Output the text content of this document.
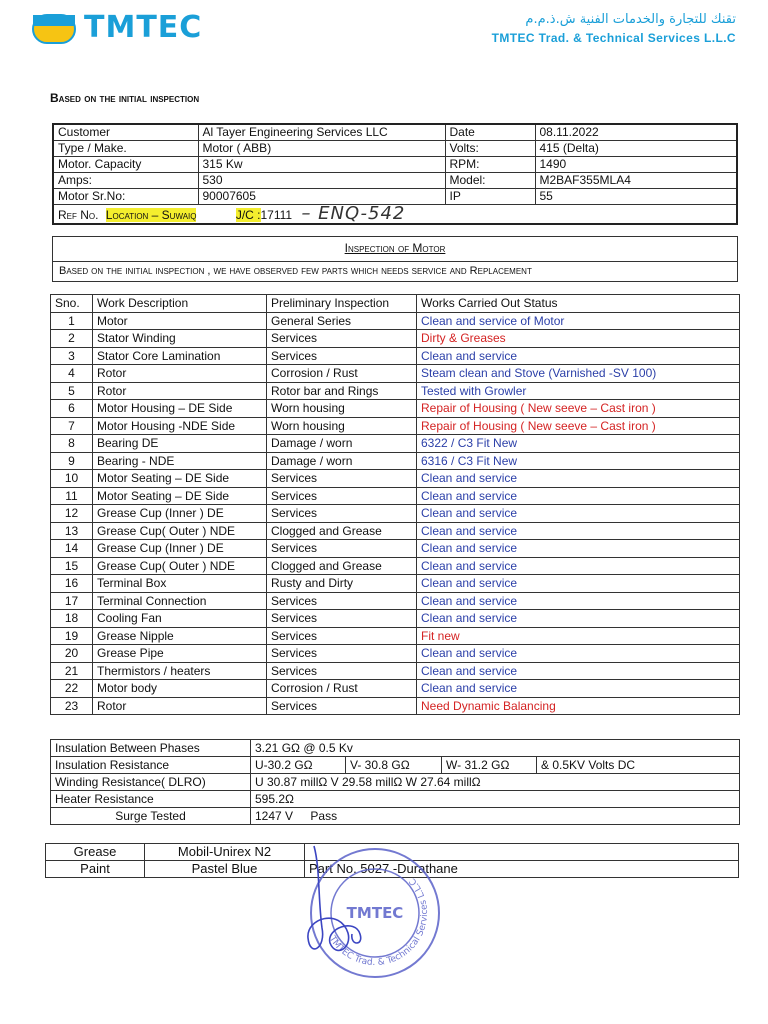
TMTEC	تقنك للتجارة والخدمات الفنية ش.ذ.م.م
TMTEC Trad. & Technical Services L.L.C
Based on the initial inspection
Customer	Al Tayer Engineering Services LLC	Date	08.11.2022
Type / Make.	Motor ( ABB)	Volts:	415 (Delta)
Motor. Capacity	315 Kw	RPM:	1490
Amps:	530	Model:	M2BAF355MLA4
Motor Sr.No:	90007605	IP	55
Ref No. Location – Suwaiq J/C :17111 – ENQ-542			
Inspection of Motor
Based on the initial inspection , we have observed few parts which needs service and Replacement
Sno.	Work Description	Preliminary Inspection	Works Carried Out Status
1	Motor	General Series	Clean and service of Motor
2	Stator Winding	Services	Dirty & Greases
3	Stator Core Lamination	Services	Clean and service
4	Rotor	Corrosion / Rust	Steam clean and Stove (Varnished -SV 100)
5	Rotor	Rotor bar and Rings	Tested with Growler
6	Motor Housing – DE Side	Worn housing	Repair of Housing ( New seeve – Cast iron )
7	Motor Housing -NDE Side	Worn housing	Repair of Housing ( New seeve – Cast iron )
8	Bearing DE	Damage / worn	6322 / C3 Fit New
9	Bearing - NDE	Damage / worn	6316 / C3 Fit New
10	Motor Seating – DE Side	Services	Clean and service
11	Motor Seating – DE Side	Services	Clean and service
12	Grease Cup (Inner ) DE	Services	Clean and service
13	Grease Cup( Outer ) NDE	Clogged and Grease	Clean and service
14	Grease Cup (Inner ) DE	Services	Clean and service
15	Grease Cup( Outer ) NDE	Clogged and Grease	Clean and service
16	Terminal Box	Rusty and Dirty	Clean and service
17	Terminal Connection	Services	Clean and service
18	Cooling Fan	Services	Clean and service
19	Grease Nipple	Services	Fit new
20	Grease Pipe	Services	Clean and service
21	Thermistors / heaters	Services	Clean and service
22	Motor body	Corrosion / Rust	Clean and service
23	Rotor	Services	Need Dynamic Balancing
Insulation Between Phases	3.21 GΩ @ 0.5 Kv			
Insulation Resistance	U-30.2 GΩ	V- 30.8 GΩ	W- 31.2 GΩ	& 0.5KV Volts DC
Winding Resistance( DLRO)	U 30.87 millΩ V 29.58 millΩ W 27.64 millΩ			
Heater Resistance	595.2Ω			
Surge Tested	1247 V Pass			
Grease	Mobil-Unirex N2	
Paint	Pastel Blue	Part No. 5027 -Durathane
TMTEC Trad. & Technical Services L.L.C
TMTEC
